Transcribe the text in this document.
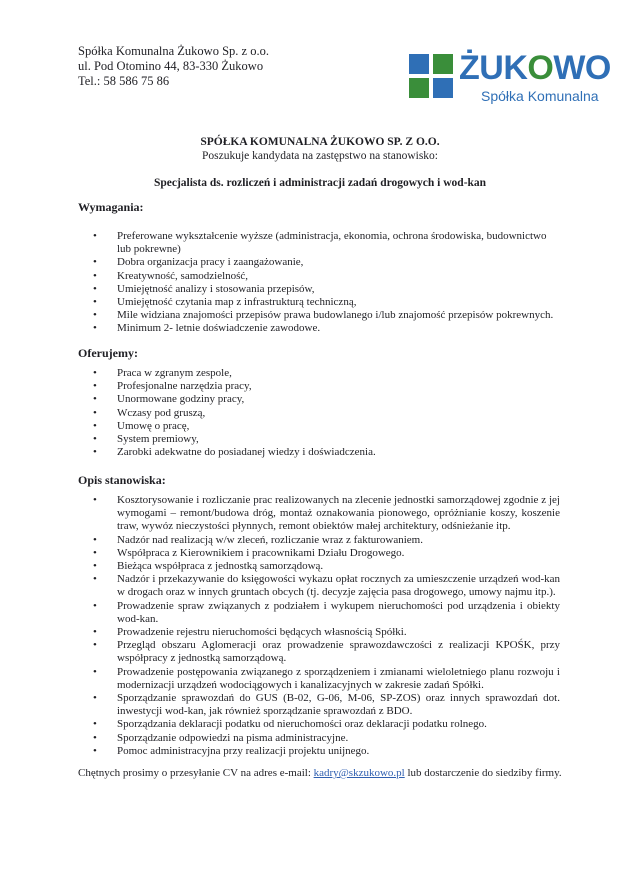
Spółka Komunalna Żukowo Sp. z o.o.
ul. Pod Otomino 44, 83-330 Żukowo
Tel.: 58 586 75 86	ŻUKOWO
Spółka Komunalna
SPÓŁKA KOMUNALNA ŻUKOWO SP. Z O.O.
Poszukuje kandydata na zastępstwo na stanowisko:
Specjalista ds. rozliczeń i administracji zadań drogowych i wod-kan
Wymagania:
• Preferowane wykształcenie wyższe (administracja, ekonomia, ochrona środowiska, budownictwo lub pokrewne)
• Dobra organizacja pracy i zaangażowanie,
• Kreatywność, samodzielność,
• Umiejętność analizy i stosowania przepisów,
• Umiejętność czytania map z infrastrukturą techniczną,
• Mile widziana znajomości przepisów prawa budowlanego i/lub znajomość przepisów pokrewnych.
• Minimum 2- letnie doświadczenie zawodowe.
Oferujemy:
• Praca w zgranym zespole,
• Profesjonalne narzędzia pracy,
• Unormowane godziny pracy,
• Wczasy pod gruszą,
• Umowę o pracę,
• System premiowy,
• Zarobki adekwatne do posiadanej wiedzy i doświadczenia.
Opis stanowiska:
• Kosztorysowanie i rozliczanie prac realizowanych na zlecenie jednostki samorządowej zgodnie z jej wymogami – remont/budowa dróg, montaż oznakowania pionowego, opróżnianie koszy, koszenie traw, wywóz nieczystości płynnych, remont obiektów małej architektury, odśnieżanie itp.
• Nadzór nad realizacją w/w zleceń, rozliczanie wraz z fakturowaniem.
• Współpraca z Kierownikiem i pracownikami Działu Drogowego.
• Bieżąca współpraca z jednostką samorządową.
• Nadzór i przekazywanie do księgowości wykazu opłat rocznych za umieszczenie urządzeń wod-kan w drogach oraz w innych gruntach obcych (tj. decyzje zajęcia pasa drogowego, umowy najmu itp.).
• Prowadzenie spraw związanych z podziałem i wykupem nieruchomości pod urządzenia i obiekty wod-kan.
• Prowadzenie rejestru nieruchomości będących własnością Spółki.
• Przegląd obszaru Aglomeracji oraz prowadzenie sprawozdawczości z realizacji KPOŚK, przy współpracy z jednostką samorządową.
• Prowadzenie postępowania związanego z sporządzeniem i zmianami wieloletniego planu rozwoju i modernizacji urządzeń wodociągowych i kanalizacyjnych w zakresie zadań Spółki.
• Sporządzanie sprawozdań do GUS (B-02, G-06, M-06, SP-ZOS) oraz innych sprawozdań dot. inwestycji wod-kan, jak również sporządzanie sprawozdań z BDO.
• Sporządzania deklaracji podatku od nieruchomości oraz deklaracji podatku rolnego.
• Sporządzanie odpowiedzi na pisma administracyjne.
• Pomoc administracyjna przy realizacji projektu unijnego.
Chętnych prosimy o przesyłanie CV na adres e-mail: kadry@skzukowo.pl lub dostarczenie do siedziby firmy.
